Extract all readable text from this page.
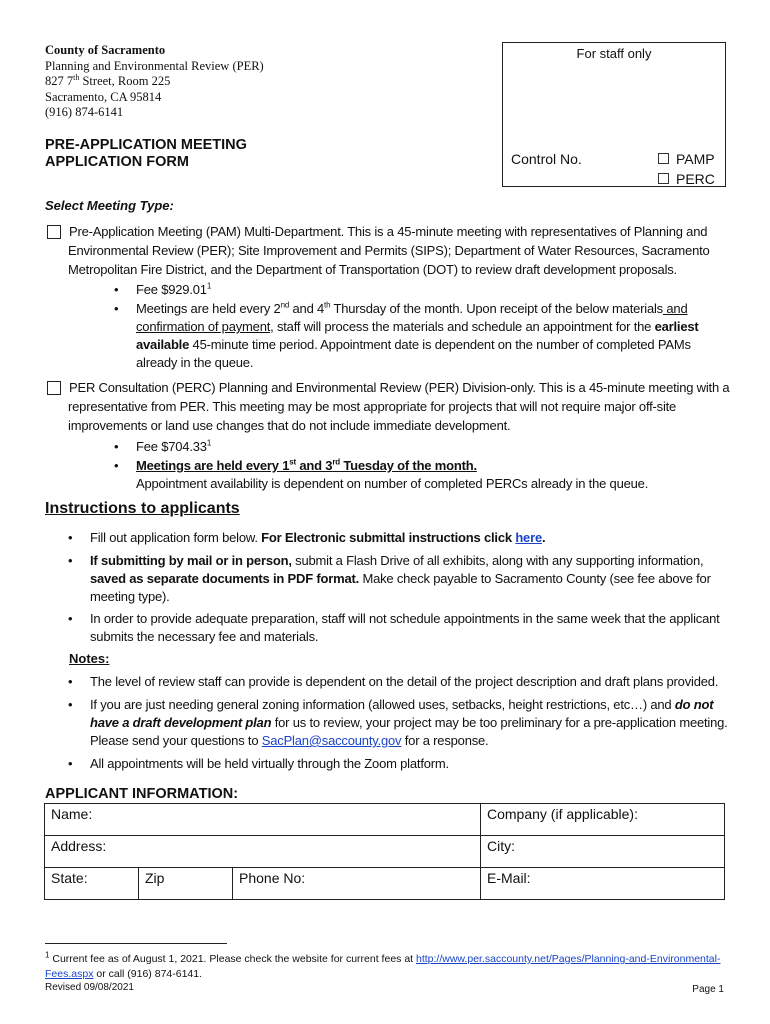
County of Sacramento
Planning and Environmental Review (PER)
827 7th Street, Room 225
Sacramento, CA 95814
(916) 874-6141
PRE-APPLICATION MEETING
APPLICATION FORM
For staff only
Control No.	PAMP
PERC
Select Meeting Type:
Pre-Application Meeting (PAM) Multi-Department. This is a 45-minute meeting with representatives of Planning and Environmental Review (PER); Site Improvement and Permits (SIPS); Department of Water Resources, Sacramento Metropolitan Fire District, and the Department of Transportation (DOT) to review draft development proposals.
• Fee $929.01$^1$
• Meetings are held every 2nd and 4th Thursday of the month. Upon receipt of the below materials and confirmation of payment, staff will process the materials and schedule an appointment for the earliest available 45-minute time period. Appointment date is dependent on the number of completed PAMs already in the queue.
PER Consultation (PERC) Planning and Environmental Review (PER) Division-only. This is a 45-minute meeting with a representative from PER. This meeting may be most appropriate for projects that will not require major off-site improvements or land use changes that do not include immediate development.
• Fee $704.33$^1$
• Meetings are held every 1st and 3rd Tuesday of the month.
Appointment availability is dependent on number of completed PERCs already in the queue.
Instructions to applicants
• Fill out application form below. For Electronic submittal instructions click here.
• If submitting by mail or in person, submit a Flash Drive of all exhibits, along with any supporting information, saved as separate documents in PDF format. Make check payable to Sacramento County (see fee above for meeting type).
• In order to provide adequate preparation, staff will not schedule appointments in the same week that the applicant submits the necessary fee and materials.
Notes:
• The level of review staff can provide is dependent on the detail of the project description and draft plans provided.
• If you are just needing general zoning information (allowed uses, setbacks, height restrictions, etc…) and do not have a draft development plan for us to review, your project may be too preliminary for a pre-application meeting. Please send your questions to SacPlan@saccounty.gov for a response.
• All appointments will be held virtually through the Zoom platform.
APPLICANT INFORMATION:
Name:			Company (if applicable):
Address:			City:
State:	Zip	Phone No:	E-Mail:
$^1$ Current fee as of August 1, 2021. Please check the website for current fees at http://www.per.saccounty.net/Pages/Planning-and-Environmental-Fees.aspx or call (916) 874-6141.
Revised 09/08/2021	Page 1
